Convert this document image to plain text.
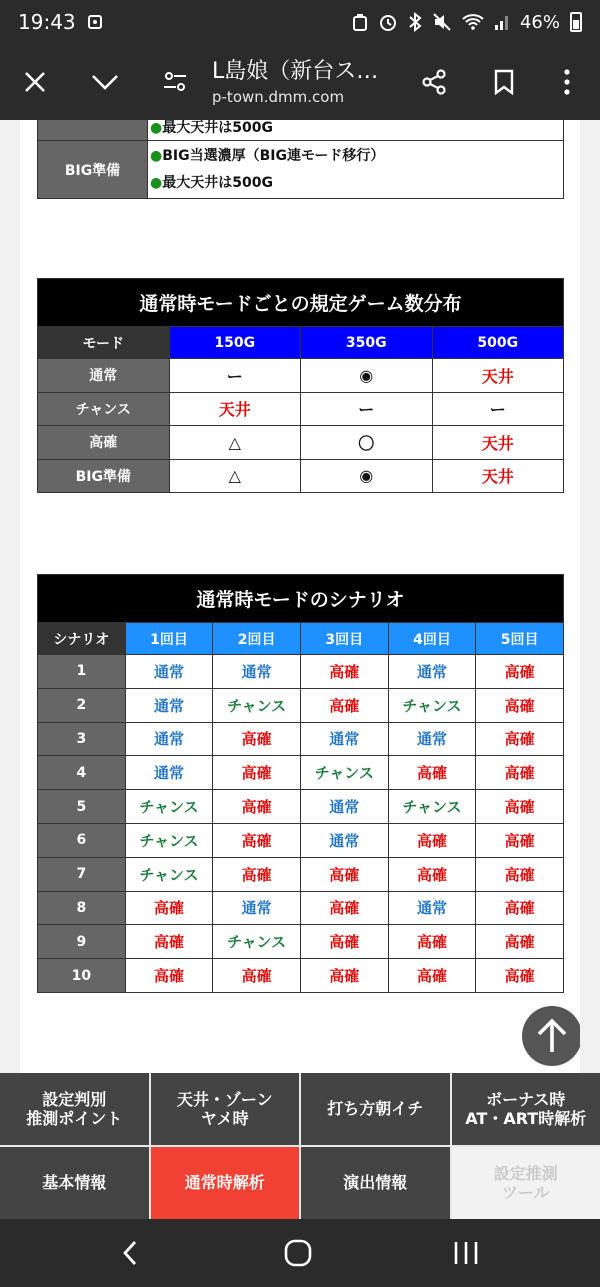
19:43	46%
L島娘（新台ス…
p-town.dmm.com
	●最大天井は500G
BIG準備	●BIG当選濃厚（BIG連モード移行）
●最大天井は500G
通常時モードごとの規定ゲーム数分布			
モード	150G	350G	500G
通常	ー	◉	天井
チャンス	天井	ー	ー
高確	△	〇	天井
BIG準備	△	◉	天井
通常時モードのシナリオ					
シナリオ	1回目	2回目	3回目	4回目	5回目
1	通常	通常	高確	通常	高確
2	通常	チャンス	高確	チャンス	高確
3	通常	高確	通常	通常	高確
4	通常	高確	チャンス	高確	高確
5	チャンス	高確	通常	チャンス	高確
6	チャンス	高確	通常	高確	高確
7	チャンス	高確	高確	高確	高確
8	高確	通常	高確	通常	高確
9	高確	チャンス	高確	高確	高確
10	高確	高確	高確	高確	高確
設定判別
推測ポイント
天井・ゾーン
ヤメ時
打ち方朝イチ
ボーナス時
AT・ART時解析
基本情報	通常時解析	演出情報
設定推測
ツール
